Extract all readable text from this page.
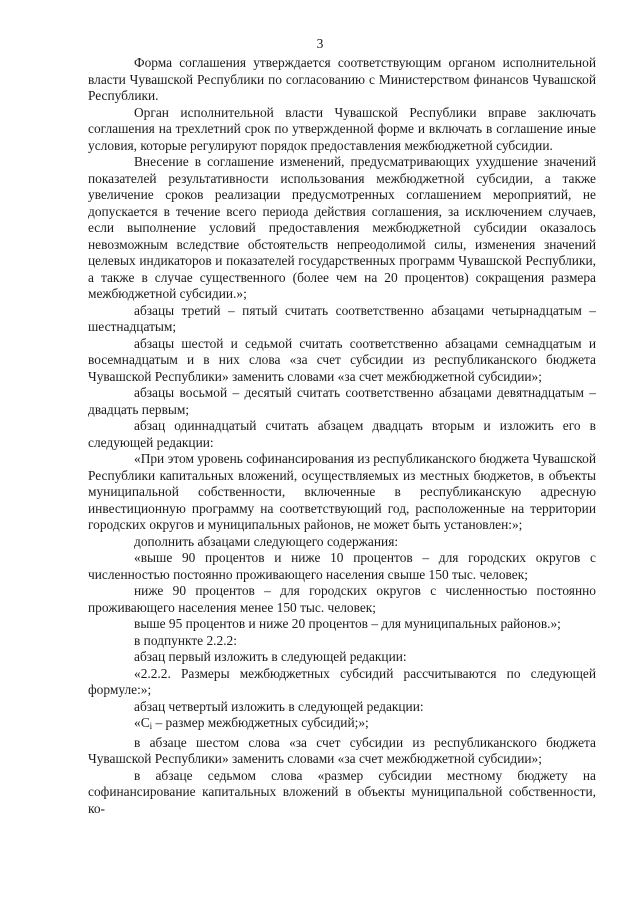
3

Форма соглашения утверждается соответствующим органом исполнительной власти Чувашской Республики по согласованию с Министерством финансов Чувашской Республики.

Орган исполнительной власти Чувашской Республики вправе заключать соглашения на трехлетний срок по утвержденной форме и включать в соглашение иные условия, которые регулируют порядок предоставления межбюджетной субсидии.

Внесение в соглашение изменений, предусматривающих ухудшение значений показателей результативности использования межбюджетной субсидии, а также увеличение сроков реализации предусмотренных соглашением мероприятий, не допускается в течение всего периода действия соглашения, за исключением случаев, если выполнение условий предоставления межбюджетной субсидии оказалось невозможным вследствие обстоятельств непреодолимой силы, изменения значений целевых индикаторов и показателей государственных программ Чувашской Республики, а также в случае существенного (более чем на 20 процентов) сокращения размера межбюджетной субсидии.»;

абзацы третий – пятый считать соответственно абзацами четырнадцатым – шестнадцатым;

абзацы шестой и седьмой считать соответственно абзацами семнадцатым и восемнадцатым и в них слова «за счет субсидии из республиканского бюджета Чувашской Республики» заменить словами «за счет межбюджетной субсидии»;

абзацы восьмой – десятый считать соответственно абзацами девятнадцатым – двадцать первым;

абзац одиннадцатый считать абзацем двадцать вторым и изложить его в следующей редакции:

«При этом уровень софинансирования из республиканского бюджета Чувашской Республики капитальных вложений, осуществляемых из местных бюджетов, в объекты муниципальной собственности, включенные в республиканскую адресную инвестиционную программу на соответствующий год, расположенные на территории городских округов и муниципальных районов, не может быть установлен:»;

дополнить абзацами следующего содержания:

«выше 90 процентов и ниже 10 процентов – для городских округов с численностью постоянно проживающего населения свыше 150 тыс. человек;

ниже 90 процентов – для городских округов с численностью постоянно проживающего населения менее 150 тыс. человек;

выше 95 процентов и ниже 20 процентов – для муниципальных районов.»;

в подпункте 2.2.2:

абзац первый изложить в следующей редакции:

«2.2.2. Размеры межбюджетных субсидий рассчитываются по следующей формуле:»;

абзац четвертый изложить в следующей редакции:

«$C_i$ – размер межбюджетных субсидий;»;

в абзаце шестом слова «за счет субсидии из республиканского бюджета Чувашской Республики» заменить словами «за счет межбюджетной субсидии»;

в абзаце седьмом слова «размер субсидии местному бюджету на софинансирование капитальных вложений в объекты муниципальной собственности, ко-
